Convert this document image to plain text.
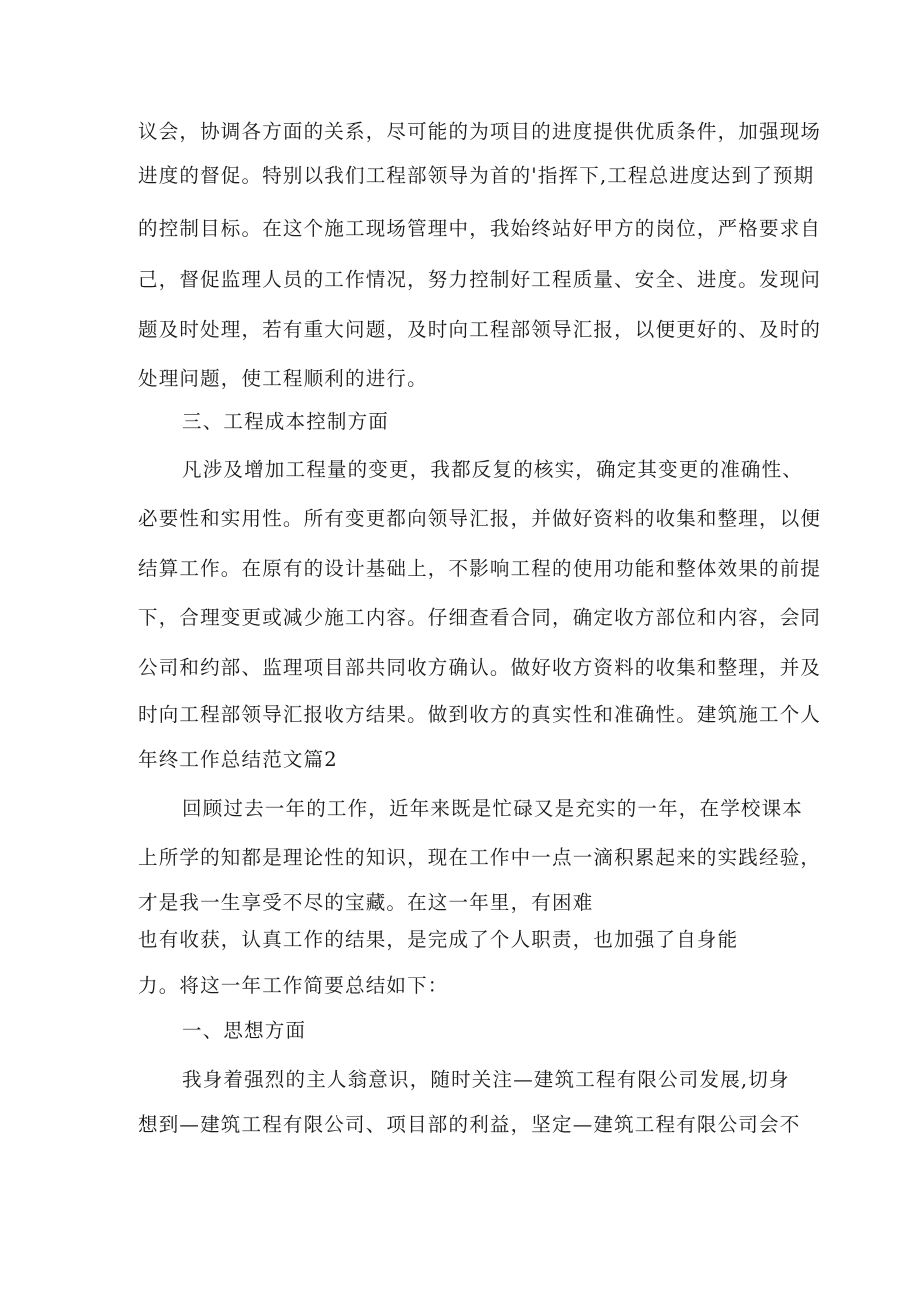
议会，协调各方面的关系，尽可能的为项目的进度提供优质条件，加强现场
进度的督促。特别以我们工程部领导为首的'指挥下,工程总进度达到了预期
的控制目标。在这个施工现场管理中，我始终站好甲方的岗位，严格要求自
己，督促监理人员的工作情况，努力控制好工程质量、安全、进度。发现问
题及时处理，若有重大问题，及时向工程部领导汇报，以便更好的、及时的
处理问题，使工程顺利的进行。
三、工程成本控制方面
凡涉及增加工程量的变更，我都反复的核实，确定其变更的准确性、
必要性和实用性。所有变更都向领导汇报，并做好资料的收集和整理，以便
结算工作。在原有的设计基础上，不影响工程的使用功能和整体效果的前提
下，合理变更或减少施工内容。仔细查看合同，确定收方部位和内容，会同
公司和约部、监理项目部共同收方确认。做好收方资料的收集和整理，并及
时向工程部领导汇报收方结果。做到收方的真实性和准确性。建筑施工个人
年终工作总结范文篇2
回顾过去一年的工作，近年来既是忙碌又是充实的一年，在学校课本
上所学的知都是理论性的知识，现在工作中一点一滴积累起来的实践经验，
才是我一生享受不尽的宝藏。在这一年里，有困难
也有收获，认真工作的结果，是完成了个人职责，也加强了自身能
力。将这一年工作简要总结如下：
一、思想方面
我身着强烈的主人翁意识，随时关注—建筑工程有限公司发展,切身
想到—建筑工程有限公司、项目部的利益，坚定—建筑工程有限公司会不
